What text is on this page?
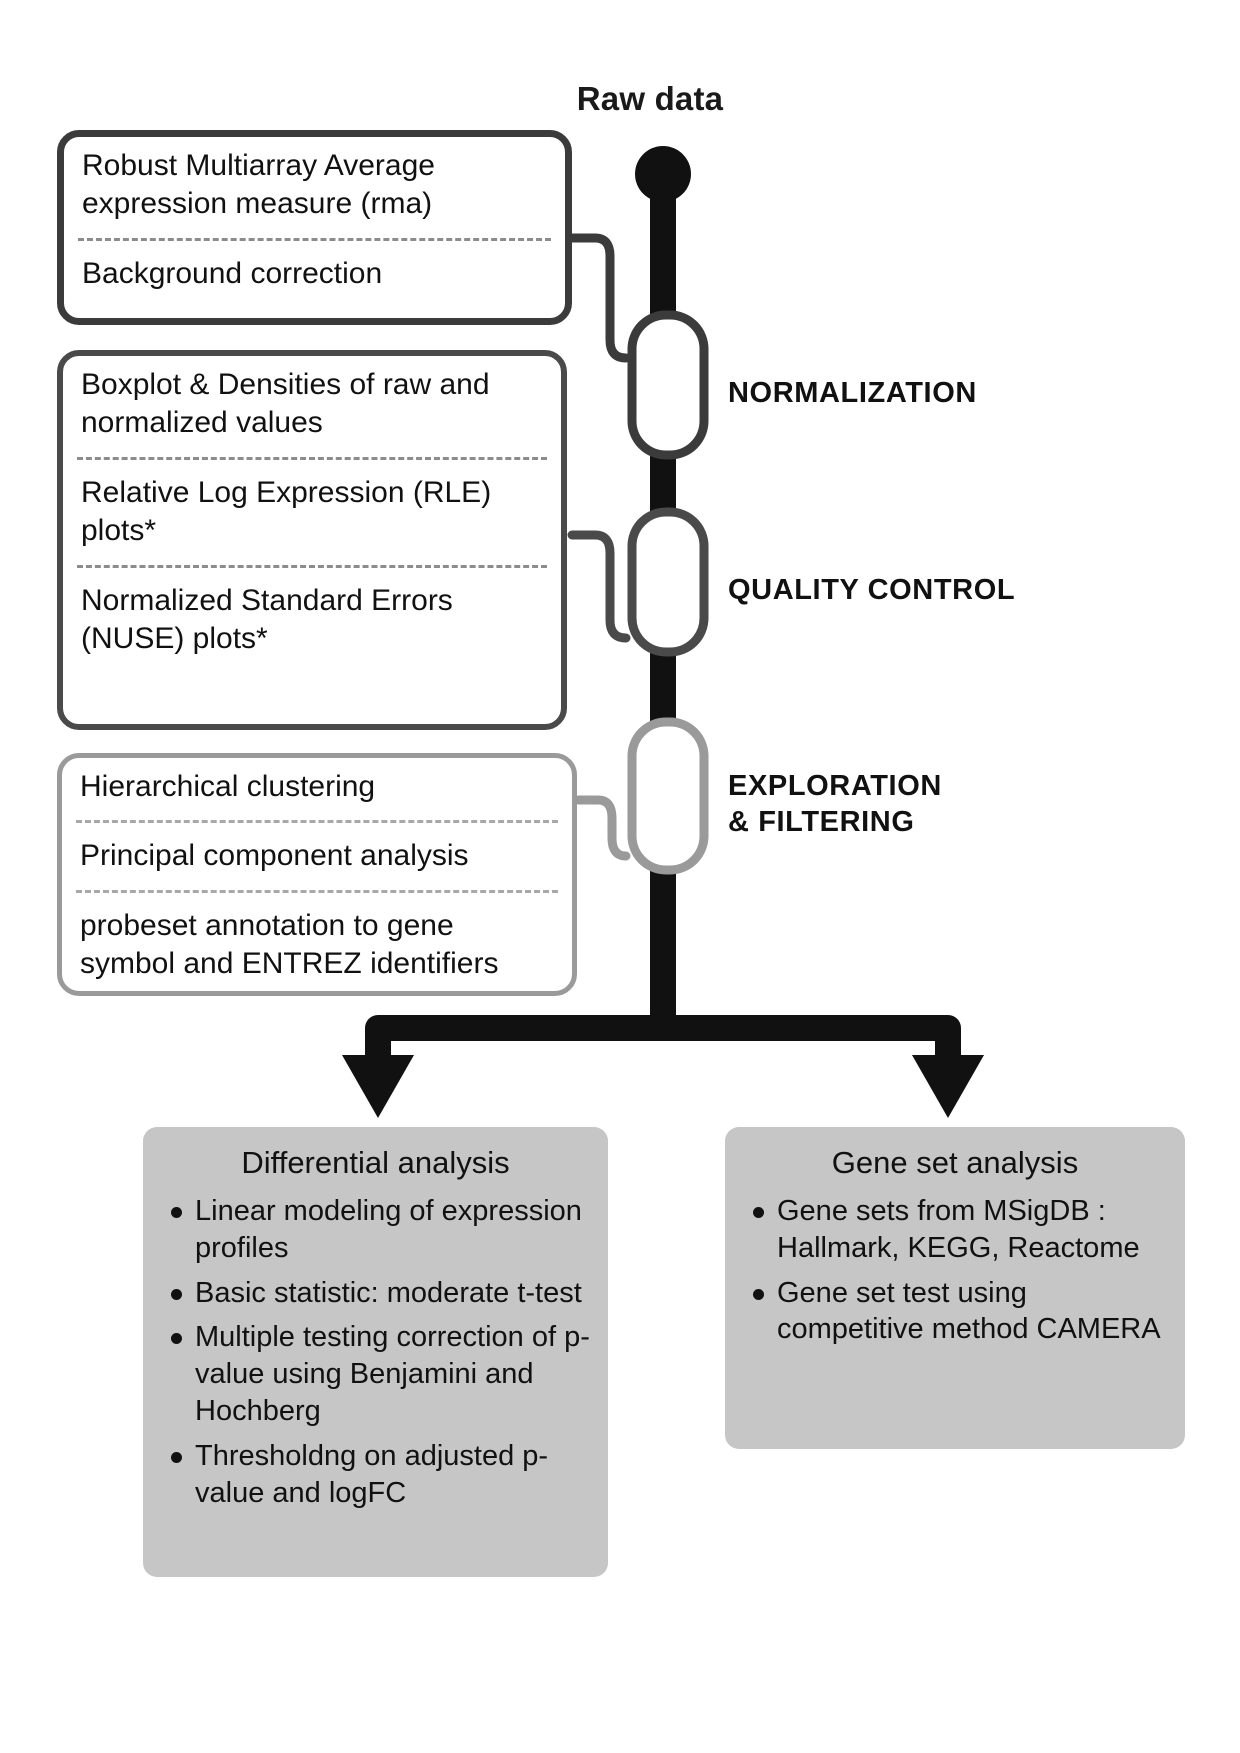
Raw data
Robust Multiarray Average expression measure (rma)
Background correction
Boxplot & Densities of raw and normalized values
Relative Log Expression (RLE) plots*
Normalized Standard Errors (NUSE) plots*
Hierarchical clustering
Principal component analysis
probeset annotation to gene symbol and ENTREZ identifiers
NORMALIZATION
QUALITY CONTROL
EXPLORATION
& FILTERING
Differential analysis
Linear modeling of expression profiles
Basic statistic: moderate t-test
Multiple testing correction of p-value using Benjamini and Hochberg
Thresholdng on adjusted p-value and logFC
Gene set analysis
Gene sets from MSigDB : Hallmark, KEGG, Reactome
Gene set test using competitive method CAMERA
